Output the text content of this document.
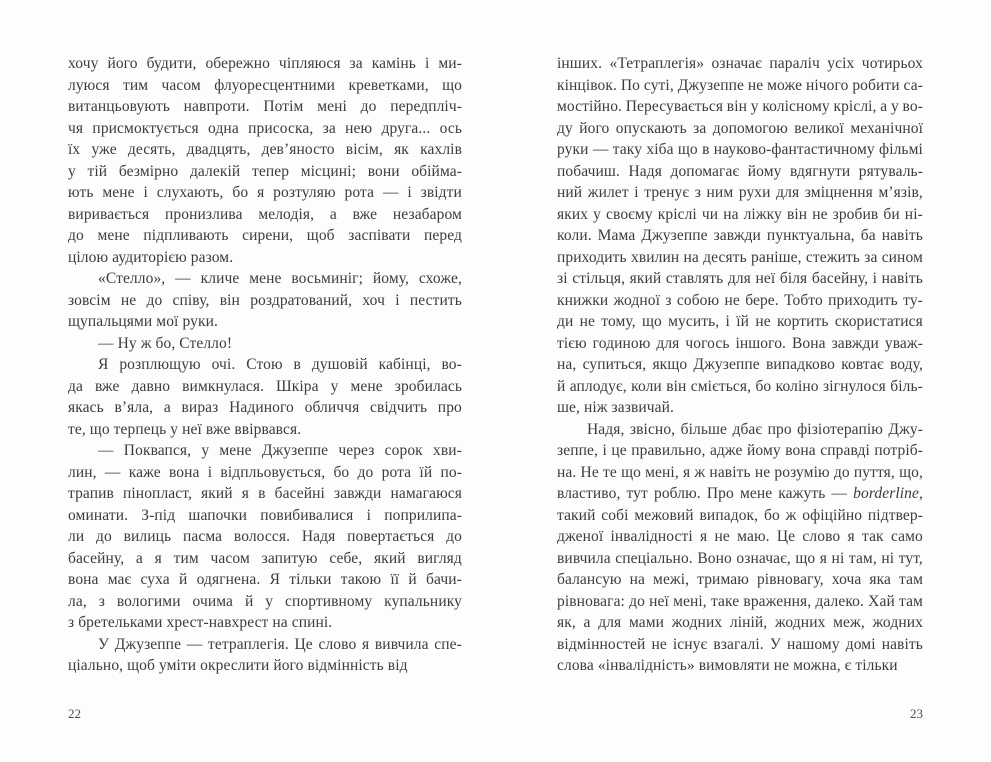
хочу його будити, обережно чіпляюся за камінь і ми-
луюся тим часом флуоресцентними креветками, що
витанцьовують навпроти. Потім мені до передпліч-
чя присмоктується одна присоска, за нею друга... ось
їх уже десять, двадцять, дев’яносто вісім, як кахлів
у тій безмірно далекій тепер місцині; вони обійма-
ють мене і слухають, бо я розтуляю рота — і звідти
виривається пронизлива мелодія, а вже незабаром
до мене підпливають сирени, щоб заспівати перед
цілою аудиторією разом.
«Стелло», — кличе мене восьминіг; йому, схоже,
зовсім не до співу, він роздратований, хоч і пестить
щупальцями мої руки.
— Ну ж бо, Стелло!
Я розплющую очі. Стою в душовій кабінці, во-
да вже давно вимкнулася. Шкіра у мене зробилась
якась в’яла, а вираз Надиного обличчя свідчить про
те, що терпець у неї вже ввірвався.
— Поквапся, у мене Джузеппе через сорок хви-
лин, — каже вона і відпльовується, бо до рота їй по-
трапив пінопласт, який я в басейні завжди намагаюся
оминати. З-під шапочки повибивалися і поприлипа-
ли до вилиць пасма волосся. Надя повертається до
басейну, а я тим часом запитую себе, який вигляд
вона має суха й одягнена. Я тільки такою її й бачи-
ла, з вологими очима й у спортивному купальнику
з бретельками хрест-навхрест на спині.
У Джузеппе — тетраплегія. Це слово я вивчила спе-
ціально, щоб уміти окреслити його відмінність від
22
інших. «Тетраплегія» означає параліч усіх чотирьох
кінцівок. По суті, Джузеппе не може нічого робити са-
мостійно. Пересувається він у колісному кріслі, а у во-
ду його опускають за допомогою великої механічної
руки — таку хіба що в науково-фантастичному фільмі
побачиш. Надя допомагає йому вдягнути рятуваль-
ний жилет і тренує з ним рухи для зміцнення м’язів,
яких у своєму кріслі чи на ліжку він не зробив би ні-
коли. Мама Джузеппе завжди пунктуальна, ба навіть
приходить хвилин на десять раніше, стежить за сином
зі стільця, який ставлять для неї біля басейну, і навіть
книжки жодної з собою не бере. Тобто приходить ту-
ди не тому, що мусить, і їй не кортить скористатися
тією годиною для чогось іншого. Вона завжди уваж-
на, супиться, якщо Джузеппе випадково ковтає воду,
й аплодує, коли він сміється, бо коліно зігнулося біль-
ше, ніж зазвичай.
Надя, звісно, більше дбає про фізіотерапію Джу-
зеппе, і це правильно, адже йому вона справді потріб-
на. Не те що мені, я ж навіть не розумію до пуття, що,
властиво, тут роблю. Про мене кажуть — borderline,
такий собі межовий випадок, бо ж офіційно підтвер-
дженої інвалідності я не маю. Це слово я так само
вивчила спеціально. Воно означає, що я ні там, ні тут,
балансую на межі, тримаю рівновагу, хоча яка там
рівновага: до неї мені, таке враження, далеко. Хай там
як, а для мами жодних ліній, жодних меж, жодних
відмінностей не існує взагалі. У нашому домі навіть
слова «інвалідність» вимовляти не можна, є тільки
23
